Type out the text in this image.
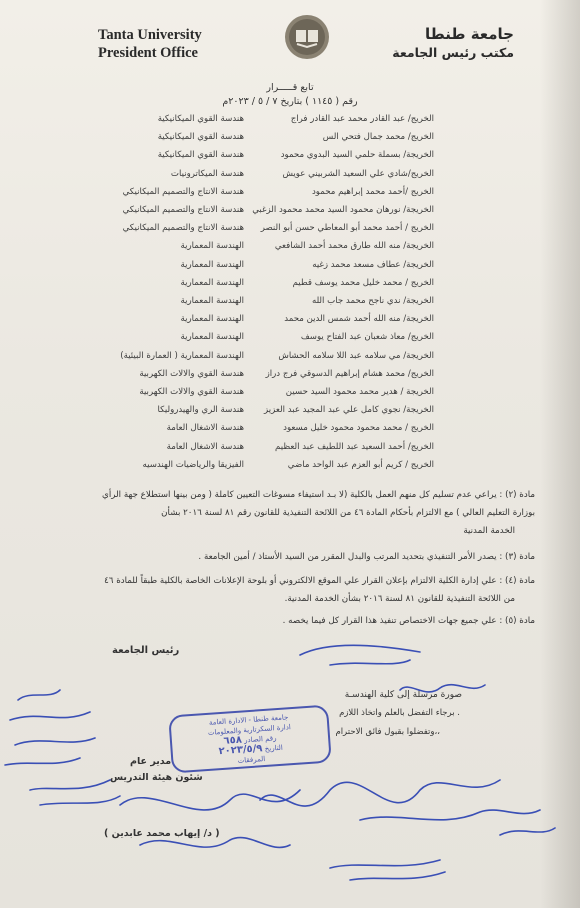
Tanta University
President Office
جامعة طنطا
مكتب رئيس الجامعة
تابع قـــــرار
رقم ( ١١٤٥ ) بتاريخ ٧ / ٥ / ٢٠٢٣م
الخريج/ عبد القادر محمد عبد القادر فراج
هندسة القوي الميكانيكية
الخريج/ محمد جمال فتحي الس
هندسة القوي الميكانيكية
الخريجة/ بسملة حلمي السيد البدوي محمود
هندسة القوي الميكانيكية
الخريج/شادي علي السعيد الشربيني عويش
هندسة الميكاترونيات
الخريج /أحمد محمد إبراهيم محمود
هندسة الانتاج والتصميم الميكانيكي
الخريجة/ نورهان محمود السيد محمد محمود الزغبي
هندسة الانتاج والتصميم الميكانيكي
الخريج / أحمد محمد أبو المعاطي حسن أبو النصر
هندسة الانتاج والتصميم الميكانيكي
الخريجة/ منه الله طارق محمد أحمد الشافعي
الهندسة المعمارية
الخريجة/ عطاف مسعد محمد زغيه
الهندسة المعمارية
الخريج / محمد خليل محمد يوسف قطيم
الهندسة المعمارية
الخريجة/ ندي ناجح محمد جاب الله
الهندسة المعمارية
الخريجة/ منه الله أحمد شمس الدين محمد
الهندسة المعمارية
الخريج/ معاذ شعبان عبد الفتاح يوسف
الهندسة المعمارية
الخريجة/ مي سلامه عبد اللا سلامه الحشاش
الهندسة المعمارية ( العمارة البيئية)
الخريج/ محمد هشام إبراهيم الدسوقي فرج دراز
هندسة القوي والالات الكهربية
الخريجة / هدير محمد محمود السيد حسين
هندسة القوي والالات الكهربية
الخريجة/ نجوي كامل علي عبد المجيد عبد العزيز
هندسة الري والهيدروليكا
الخريج / محمد محمود محمود خليل مسعود
هندسة الاشغال العامة
الخريج/ أحمد السعيد عبد اللطيف عبد العظيم
هندسة الاشغال العامة
الخريج / كريم أبو العزم عبد الواحد ماضي
الفيزيقا والرياضيات الهندسيه
مادة (٢) : يراعي عدم تسليم كل منهم العمل بالكلية (لا بـد استيفاء مسوغات التعيين كاملة ( ومن بينها استطلاع جهة الرأي
بوزارة التعليم العالي ) مع الالتزام بأحكام المادة ٤٦ من اللائحة التنفيذية للقانون رقم ٨١ لسنة ٢٠١٦ بشأن
الخدمة المدنية
مادة (٣) : يصدر الأمر التنفيذي بتحديد المرتب والبدل المقرر من السيد الأستاذ / أمين الجامعة .
مادة (٤) : علي إدارة الكلية الالتزام بإعلان القرار علي الموقع الالكتروني أو بلوحة الإعلانات الخاصة بالكلية طبقاً للمادة ٤٦
من اللائحة التنفيذية للقانون ٨١ لسنة ٢٠١٦ بشأن الخدمة المدنية.
مادة (٥) : علي جميع جهات الاختصاص تنفيذ هذا القرار كل فيما يخصه .
رئيس الجامعة
صورة مرسلة إلى كلية الهندسـة
برجاء التفضل بالعلم واتخاذ اللازم .
وتفضلوا بقبول فائق الاحترام،،
مدير عام
شئون هيئة التدريس
( د/ إيهاب محمد عابدين )
جامعة طنطا - الادارة العامة
ادارة السكرتارية والمعلومات
رقم الصادر ٦٥٨
التاريخ ٢٠٢٣/٥/٩
المرفقات
